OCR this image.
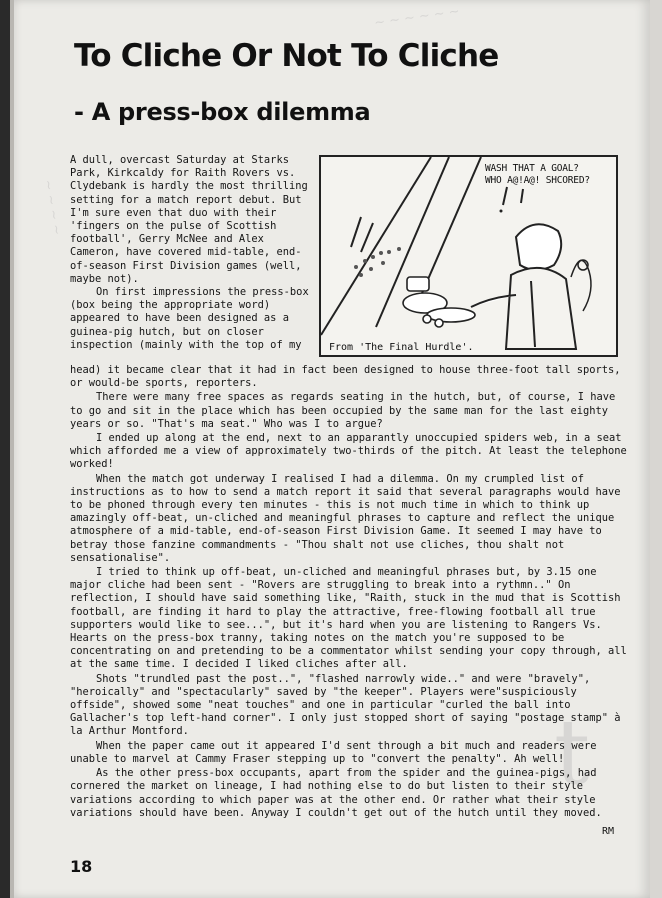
~ ~ ~ ~ ~ ~
~ ~ ~ ~
t
To Cliche Or Not To Cliche
- A press-box dilemma

A dull, overcast Saturday at Starks Park, Kirkcaldy for Raith Rovers vs. Clydebank is hardly the most thrilling setting for a match report debut. But I'm sure even that duo with their 'fingers on the pulse of Scottish football', Gerry McNee and Alex Cameron, have covered mid-table, end-of-season First Division games (well, maybe not).

On first impressions the press-box (box being the appropriate word) appeared to have been designed as a guinea-pig hutch, but on closer inspection (mainly with the top of my

WASH THAT A GOAL?
WHO A@!A@! SHCORED?
From 'The Final Hurdle'.

head) it became clear that it had in fact been designed to house three-foot tall sports, or would-be sports, reporters.

There were many free spaces as regards seating in the hutch, but, of course, I have to go and sit in the place which has been occupied by the same man for the last eighty years or so. "That's ma seat." Who was I to argue?

I ended up along at the end, next to an apparantly unoccupied spiders web, in a seat which afforded me a view of approximately two-thirds of the pitch. At least the telephone worked!

When the match got underway I realised I had a dilemma. On my crumpled list of instructions as to how to send a match report it said that several paragraphs would have to be phoned through every ten minutes - this is not much time in which to think up amazingly off-beat, un-cliched and meaningful phrases to capture and reflect the unique atmosphere of a mid-table, end-of-season First Division Game. It seemed I may have to betray those fanzine commandments - "Thou shalt not use cliches, thou shalt not sensationalise".

I tried to think up off-beat, un-cliched and meaningful phrases but, by 3.15 one major cliche had been sent - "Rovers are struggling to break into a rythmn.." On reflection, I should have said something like, "Raith, stuck in the mud that is Scottish football, are finding it hard to play the attractive, free-flowing football all true supporters would like to see...", but it's hard when you are listening to Rangers Vs. Hearts on the press-box tranny, taking notes on the match you're supposed to be concentrating on and pretending to be a commentator whilst sending your copy through, all at the same time. I decided I liked cliches after all.

Shots "trundled past the post..", "flashed narrowly wide.." and were "bravely", "heroically" and "spectacularly" saved by "the keeper". Players were"suspiciously offside", showed some "neat touches" and one in particular "curled the ball into Gallacher's top left-hand corner". I only just stopped short of saying "postage stamp" à la Arthur Montford.

When the paper came out it appeared I'd sent through a bit much and readers were unable to marvel at Cammy Fraser stepping up to "convert the penalty". Ah well!

As the other press-box occupants, apart from the spider and the guinea-pigs, had cornered the market on lineage, I had nothing else to do but listen to their style variations according to which paper was at the other end. Or rather what their style variations should have been. Anyway I couldn't get out of the hutch until they moved.

RM
18
